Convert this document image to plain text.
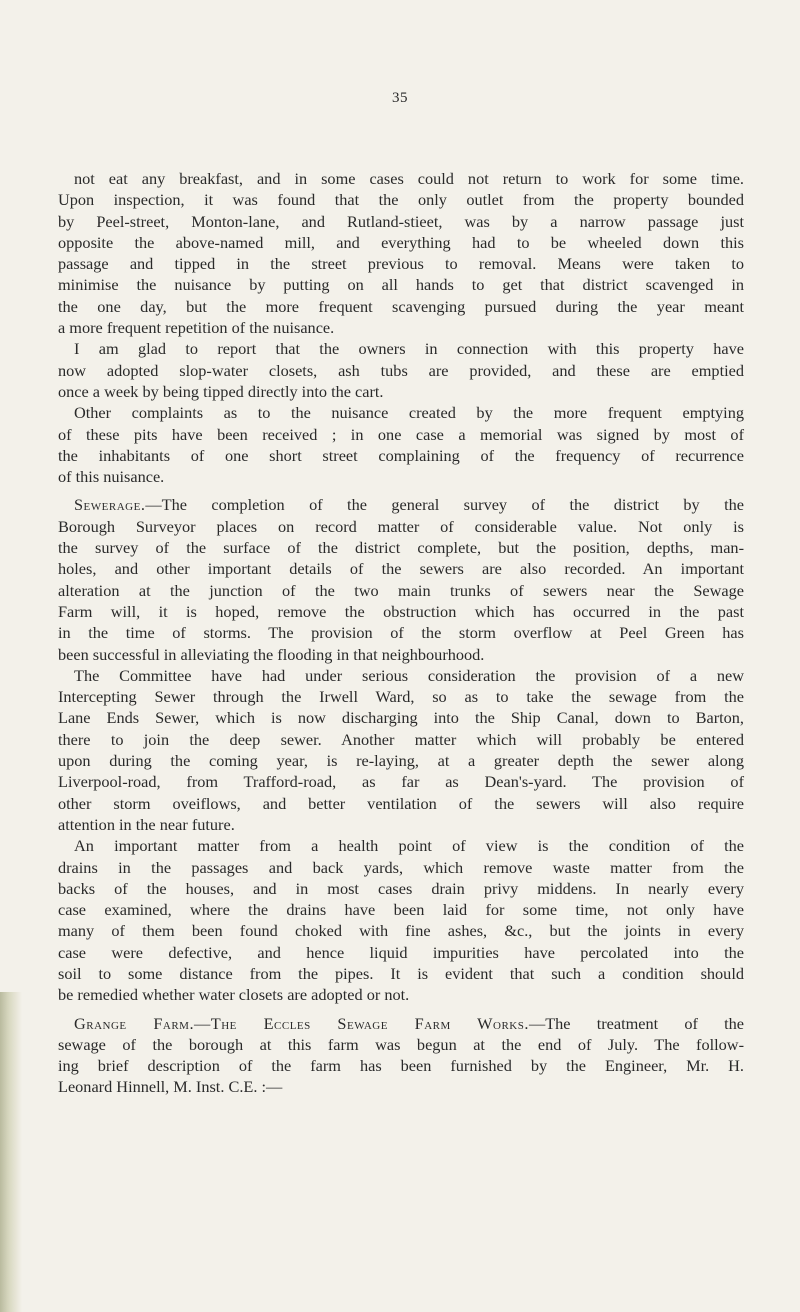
35
not eat any breakfast, and in some cases could not return to work for some time.
Upon inspection, it was found that the only outlet from the property bounded
by Peel-street, Monton-lane, and Rutland-stieet, was by a narrow passage just
opposite the above-named mill, and everything had to be wheeled down this
passage and tipped in the street previous to removal. Means were taken to
minimise the nuisance by putting on all hands to get that district scavenged in
the one day, but the more frequent scavenging pursued during the year meant
a more frequent repetition of the nuisance.
I am glad to report that the owners in connection with this property have
now adopted slop-water closets, ash tubs are provided, and these are emptied
once a week by being tipped directly into the cart.
Other complaints as to the nuisance created by the more frequent emptying
of these pits have been received ; in one case a memorial was signed by most of
the inhabitants of one short street complaining of the frequency of recurrence
of this nuisance.
Sewerage.—The completion of the general survey of the district by the
Borough Surveyor places on record matter of considerable value. Not only is
the survey of the surface of the district complete, but the position, depths, man-
holes, and other important details of the sewers are also recorded. An important
alteration at the junction of the two main trunks of sewers near the Sewage
Farm will, it is hoped, remove the obstruction which has occurred in the past
in the time of storms. The provision of the storm overflow at Peel Green has
been successful in alleviating the flooding in that neighbourhood.
The Committee have had under serious consideration the provision of a new
Intercepting Sewer through the Irwell Ward, so as to take the sewage from the
Lane Ends Sewer, which is now discharging into the Ship Canal, down to Barton,
there to join the deep sewer. Another matter which will probably be entered
upon during the coming year, is re-laying, at a greater depth the sewer along
Liverpool-road, from Trafford-road, as far as Dean's-yard. The provision of
other storm oveiflows, and better ventilation of the sewers will also require
attention in the near future.
An important matter from a health point of view is the condition of the
drains in the passages and back yards, which remove waste matter from the
backs of the houses, and in most cases drain privy middens. In nearly every
case examined, where the drains have been laid for some time, not only have
many of them been found choked with fine ashes, &c., but the joints in every
case were defective, and hence liquid impurities have percolated into the
soil to some distance from the pipes. It is evident that such a condition should
be remedied whether water closets are adopted or not.
Grange Farm.—The Eccles Sewage Farm Works.—The treatment of the
sewage of the borough at this farm was begun at the end of July. The follow-
ing brief description of the farm has been furnished by the Engineer, Mr. H.
Leonard Hinnell, M. Inst. C.E. :—
